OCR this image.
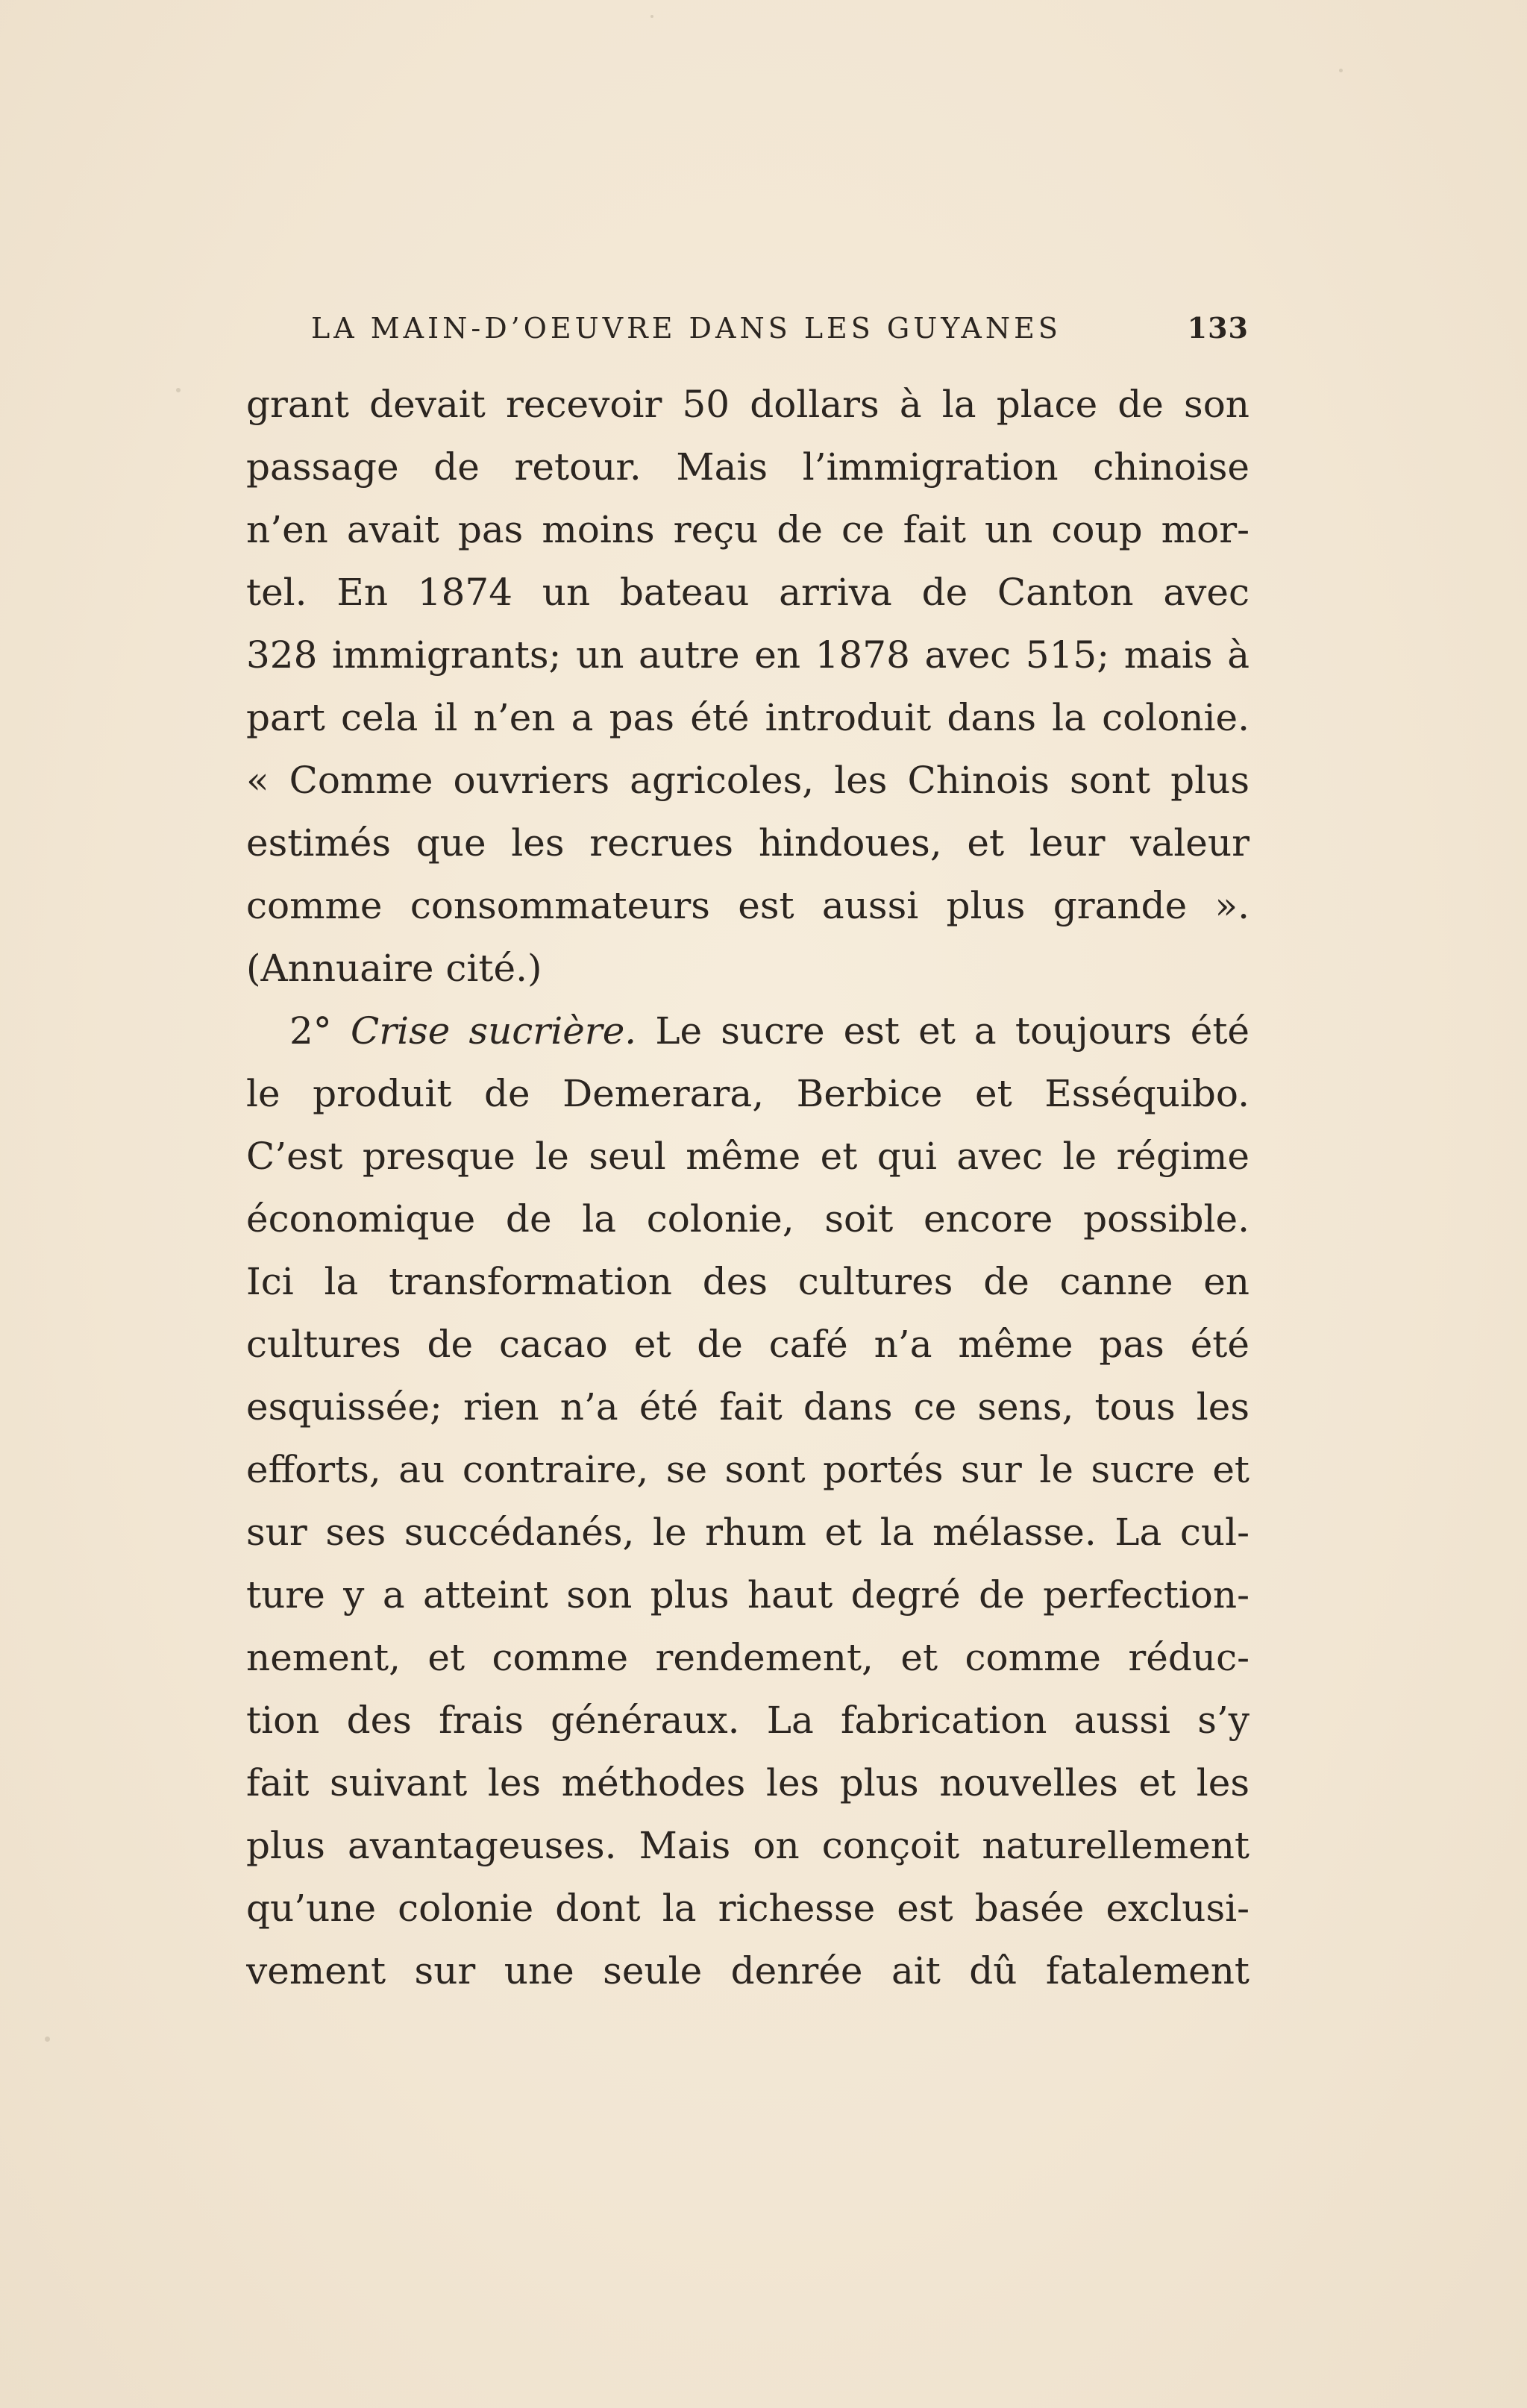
LA MAIN-D’OEUVRE DANS LES GUYANES	133
grant devait recevoir 50 dollars à la place de son
passage de retour. Mais l’immigration chinoise
n’en avait pas moins reçu de ce fait un coup mor-
tel. En 1874 un bateau arriva de Canton avec
328 immigrants; un autre en 1878 avec 515; mais à
part cela il n’en a pas été introduit dans la colonie.
« Comme ouvriers agricoles, les Chinois sont plus
estimés que les recrues hindoues, et leur valeur
comme consommateurs est aussi plus grande ».
(Annuaire cité.)
2° Crise sucrière. Le sucre est et a toujours été
le produit de Demerara, Berbice et Esséquibo.
C’est presque le seul même et qui avec le régime
économique de la colonie, soit encore possible.
Ici la transformation des cultures de canne en
cultures de cacao et de café n’a même pas été
esquissée; rien n’a été fait dans ce sens, tous les
efforts, au contraire, se sont portés sur le sucre et
sur ses succédanés, le rhum et la mélasse. La cul-
ture y a atteint son plus haut degré de perfection-
nement, et comme rendement, et comme réduc-
tion des frais généraux. La fabrication aussi s’y
fait suivant les méthodes les plus nouvelles et les
plus avantageuses. Mais on conçoit naturellement
qu’une colonie dont la richesse est basée exclusi-
vement sur une seule denrée ait dû fatalement
